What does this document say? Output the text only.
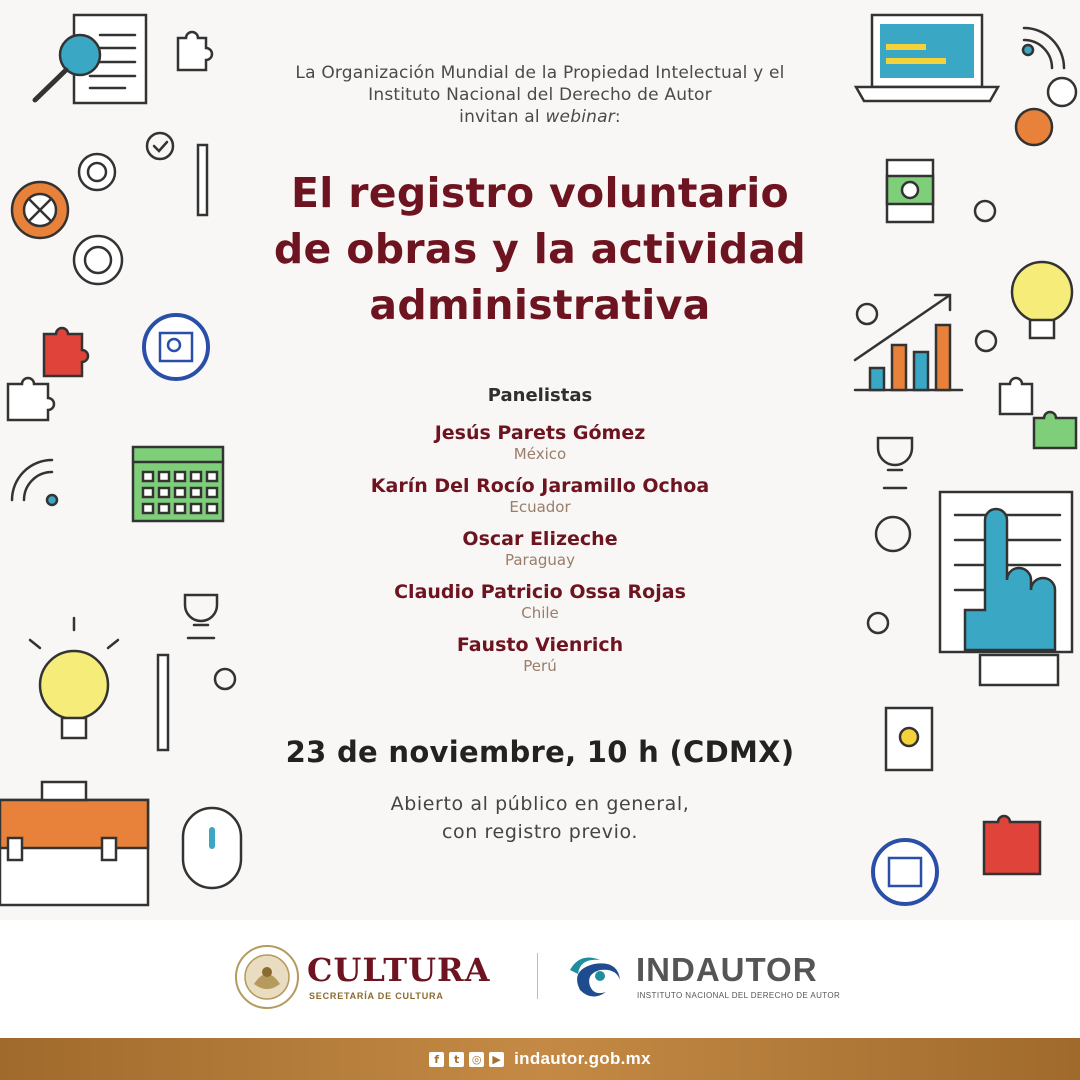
La Organización Mundial de la Propiedad Intelectual y el
Instituto Nacional del Derecho de Autor
invitan al webinar:
El registro voluntario
de obras y la actividad
administrativa
Panelistas
Jesús Parets Gómez
México
Karín Del Rocío Jaramillo Ochoa
Ecuador
Oscar Elizeche
Paraguay
Claudio Patricio Ossa Rojas
Chile
Fausto Vienrich
Perú
23 de noviembre, 10 h (CDMX)
Abierto al público en general,
con registro previo.
CULTURA
SECRETARÍA DE CULTURA
INDAUTOR
INSTITUTO NACIONAL DEL DERECHO DE AUTOR
f	t	◎ ▶ indautor.gob.mx
